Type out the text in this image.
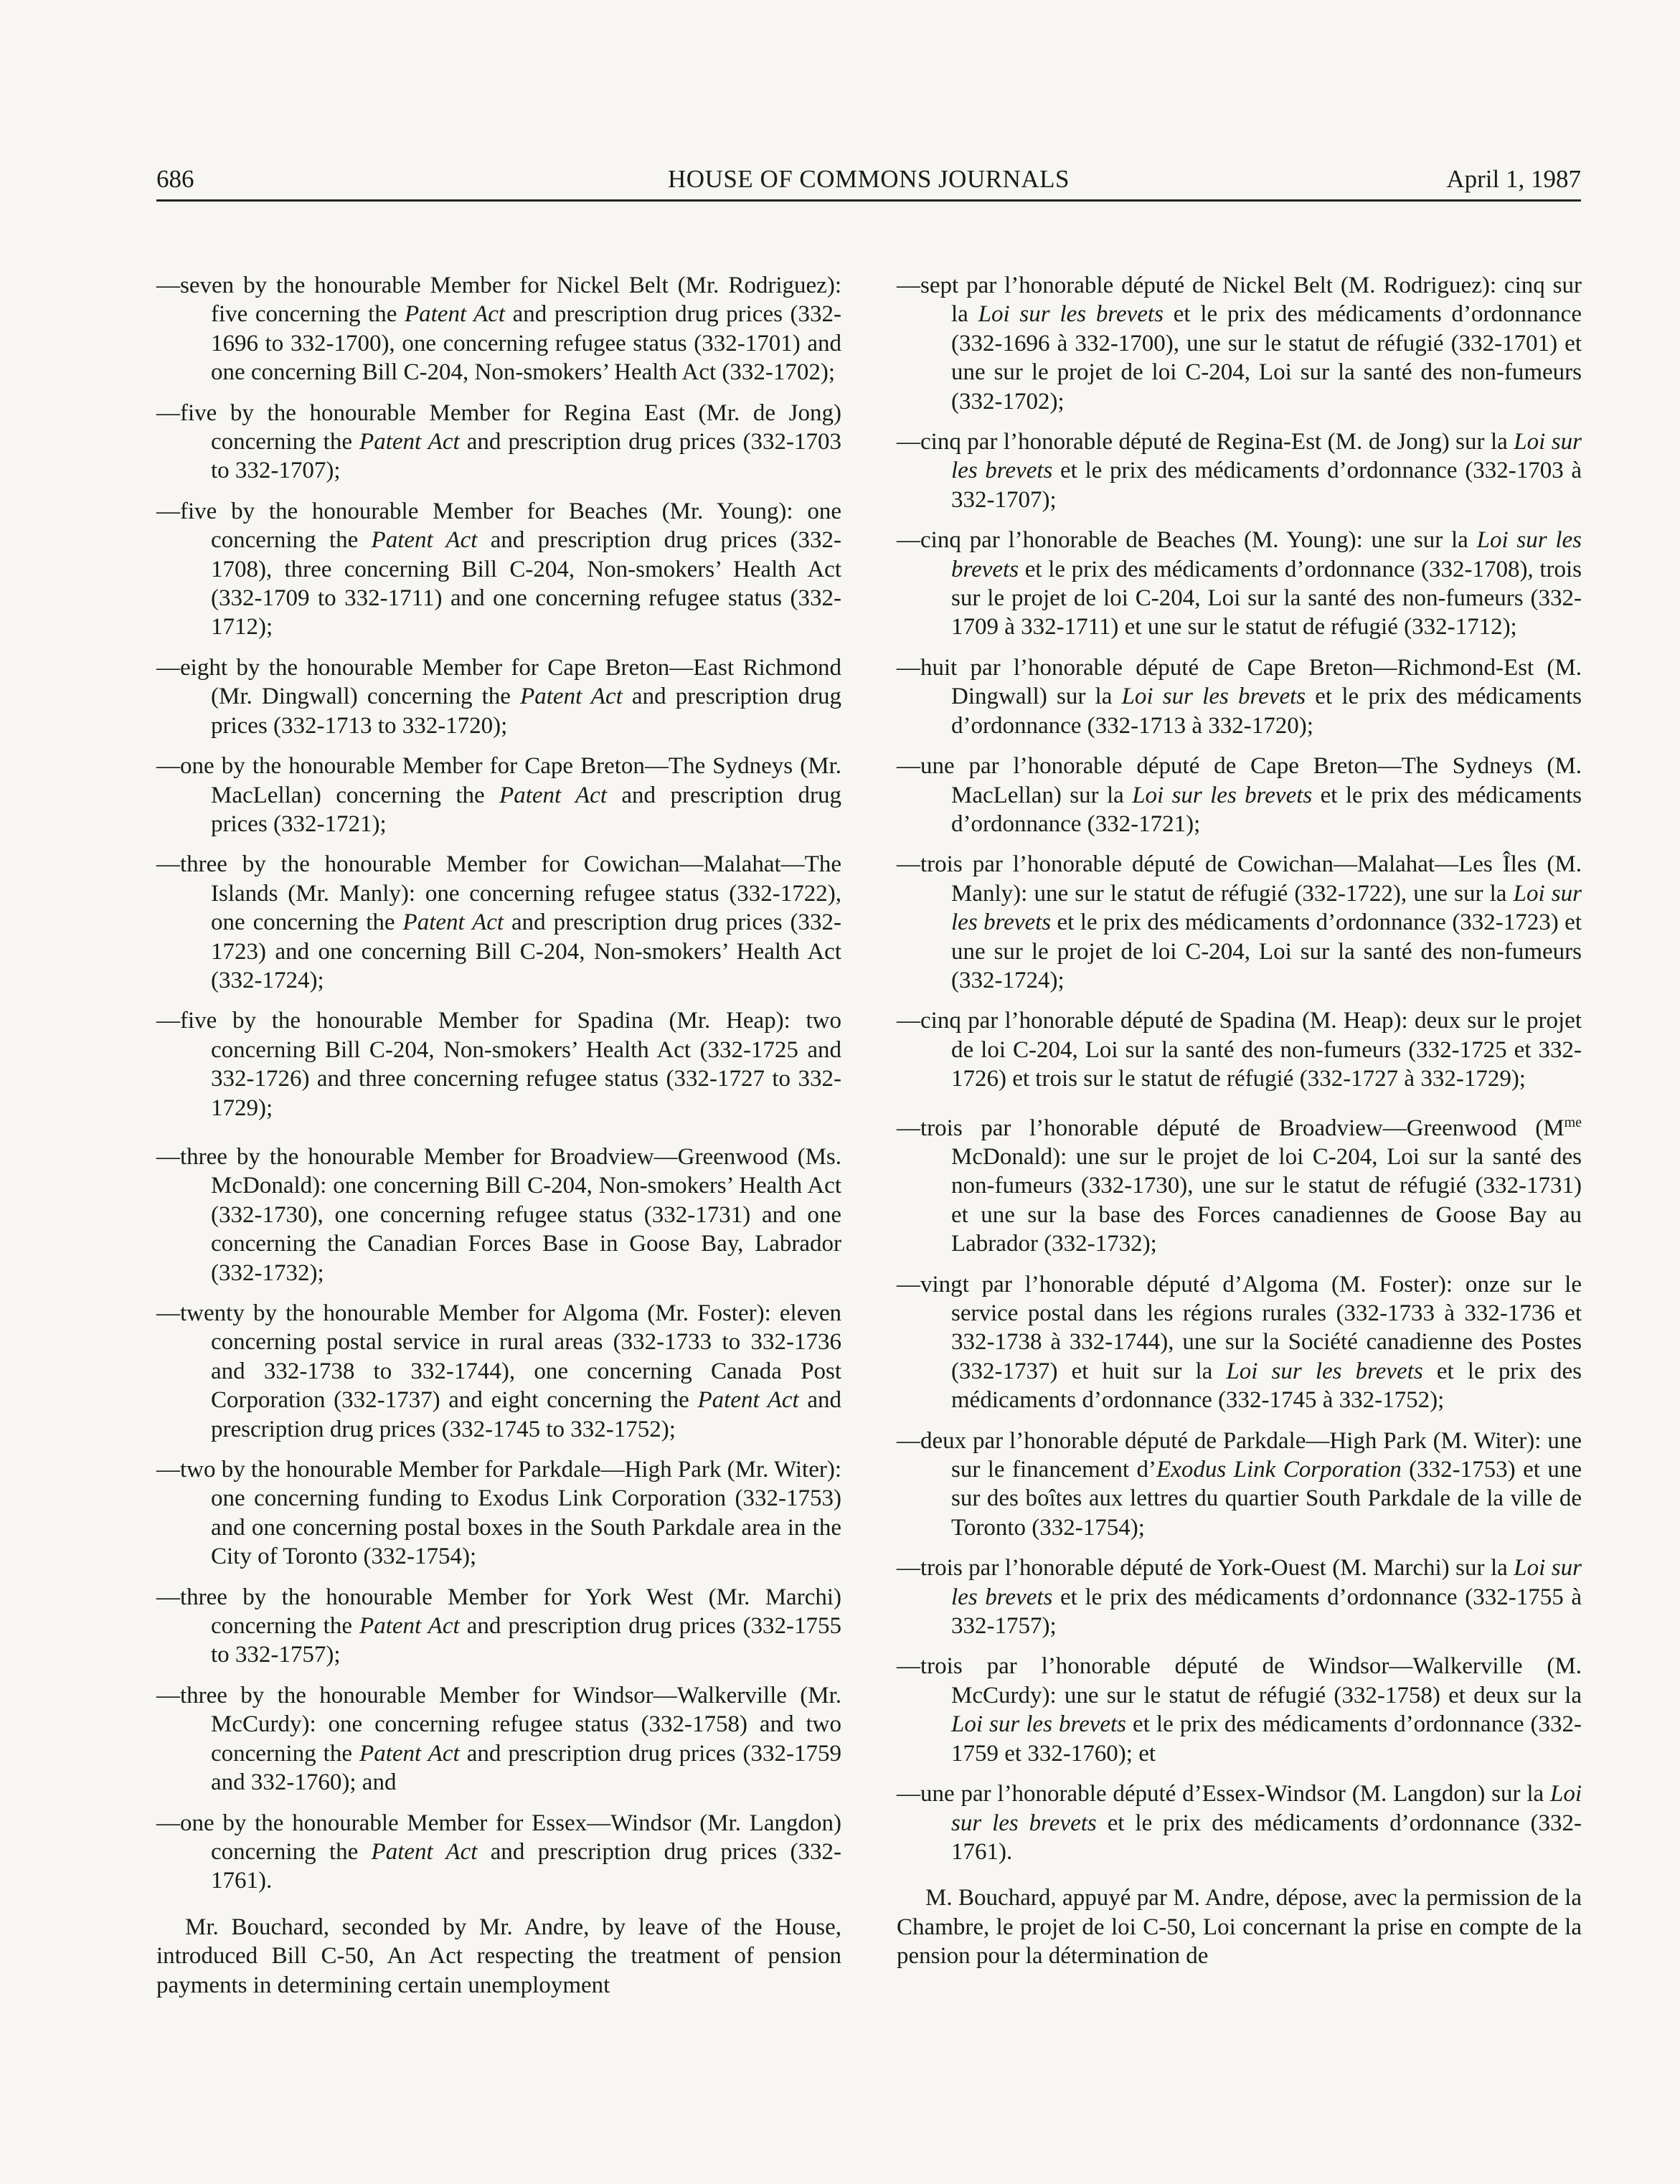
686	HOUSE OF COMMONS JOURNALS	April 1, 1987

—seven by the honourable Member for Nickel Belt (Mr. Rodriguez): five concerning the Patent Act and prescription drug prices (332-1696 to 332-1700), one concerning refugee status (332-1701) and one concerning Bill C-204, Non-smokers’ Health Act (332-1702);

—five by the honourable Member for Regina East (Mr. de Jong) concerning the Patent Act and prescription drug prices (332-1703 to 332-1707);

—five by the honourable Member for Beaches (Mr. Young): one concerning the Patent Act and prescription drug prices (332-1708), three concerning Bill C-204, Non-smokers’ Health Act (332-1709 to 332-1711) and one concerning refugee status (332-1712);

—eight by the honourable Member for Cape Breton—East Richmond (Mr. Dingwall) concerning the Patent Act and prescription drug prices (332-1713 to 332-1720);

—one by the honourable Member for Cape Breton—The Sydneys (Mr. MacLellan) concerning the Patent Act and prescription drug prices (332-1721);

—three by the honourable Member for Cowichan—Malahat—The Islands (Mr. Manly): one concerning refugee status (332-1722), one concerning the Patent Act and prescription drug prices (332-1723) and one concerning Bill C-204, Non-smokers’ Health Act (332-1724);

—five by the honourable Member for Spadina (Mr. Heap): two concerning Bill C-204, Non-smokers’ Health Act (332-1725 and 332-1726) and three concerning refugee status (332-1727 to 332-1729);

—three by the honourable Member for Broadview—Greenwood (Ms. McDonald): one concerning Bill C-204, Non-smokers’ Health Act (332-1730), one concerning refugee status (332-1731) and one concerning the Canadian Forces Base in Goose Bay, Labrador (332-1732);

—twenty by the honourable Member for Algoma (Mr. Foster): eleven concerning postal service in rural areas (332-1733 to 332-1736 and 332-1738 to 332-1744), one concerning Canada Post Corporation (332-1737) and eight concerning the Patent Act and prescription drug prices (332-1745 to 332-1752);

—two by the honourable Member for Parkdale—High Park (Mr. Witer): one concerning funding to Exodus Link Corporation (332-1753) and one concerning postal boxes in the South Parkdale area in the City of Toronto (332-1754);

—three by the honourable Member for York West (Mr. Marchi) concerning the Patent Act and prescription drug prices (332-1755 to 332-1757);

—three by the honourable Member for Windsor—Walkerville (Mr. McCurdy): one concerning refugee status (332-1758) and two concerning the Patent Act and prescription drug prices (332-1759 and 332-1760); and

—one by the honourable Member for Essex—Windsor (Mr. Langdon) concerning the Patent Act and prescription drug prices (332-1761).

Mr. Bouchard, seconded by Mr. Andre, by leave of the House, introduced Bill C-50, An Act respecting the treatment of pension payments in determining certain unemployment

—sept par l’honorable député de Nickel Belt (M. Rodriguez): cinq sur la Loi sur les brevets et le prix des médicaments d’ordonnance (332-1696 à 332-1700), une sur le statut de réfugié (332-1701) et une sur le projet de loi C-204, Loi sur la santé des non-fumeurs (332-1702);

—cinq par l’honorable député de Regina-Est (M. de Jong) sur la Loi sur les brevets et le prix des médicaments d’ordonnance (332-1703 à 332-1707);

—cinq par l’honorable de Beaches (M. Young): une sur la Loi sur les brevets et le prix des médicaments d’ordonnance (332-1708), trois sur le projet de loi C-204, Loi sur la santé des non-fumeurs (332-1709 à 332-1711) et une sur le statut de réfugié (332-1712);

—huit par l’honorable député de Cape Breton—Richmond-Est (M. Dingwall) sur la Loi sur les brevets et le prix des médicaments d’ordonnance (332-1713 à 332-1720);

—une par l’honorable député de Cape Breton—The Sydneys (M. MacLellan) sur la Loi sur les brevets et le prix des médicaments d’ordonnance (332-1721);

—trois par l’honorable député de Cowichan—Malahat—Les Îles (M. Manly): une sur le statut de réfugié (332-1722), une sur la Loi sur les brevets et le prix des médicaments d’ordonnance (332-1723) et une sur le projet de loi C-204, Loi sur la santé des non-fumeurs (332-1724);

—cinq par l’honorable député de Spadina (M. Heap): deux sur le projet de loi C-204, Loi sur la santé des non-fumeurs (332-1725 et 332-1726) et trois sur le statut de réfugié (332-1727 à 332-1729);

—trois par l’honorable député de Broadview—Greenwood ($M^{me}$ McDonald): une sur le projet de loi C-204, Loi sur la santé des non-fumeurs (332-1730), une sur le statut de réfugié (332-1731) et une sur la base des Forces canadiennes de Goose Bay au Labrador (332-1732);

—vingt par l’honorable député d’Algoma (M. Foster): onze sur le service postal dans les régions rurales (332-1733 à 332-1736 et 332-1738 à 332-1744), une sur la Société canadienne des Postes (332-1737) et huit sur la Loi sur les brevets et le prix des médicaments d’ordonnance (332-1745 à 332-1752);

—deux par l’honorable député de Parkdale—High Park (M. Witer): une sur le financement d’Exodus Link Corporation (332-1753) et une sur des boîtes aux lettres du quartier South Parkdale de la ville de Toronto (332-1754);

—trois par l’honorable député de York-Ouest (M. Marchi) sur la Loi sur les brevets et le prix des médicaments d’ordonnance (332-1755 à 332-1757);

—trois par l’honorable député de Windsor—Walkerville (M. McCurdy): une sur le statut de réfugié (332-1758) et deux sur la Loi sur les brevets et le prix des médicaments d’ordonnance (332-1759 et 332-1760); et

—une par l’honorable député d’Essex-Windsor (M. Langdon) sur la Loi sur les brevets et le prix des médicaments d’ordonnance (332-1761).

M. Bouchard, appuyé par M. Andre, dépose, avec la permission de la Chambre, le projet de loi C-50, Loi concernant la prise en compte de la pension pour la détermination de
